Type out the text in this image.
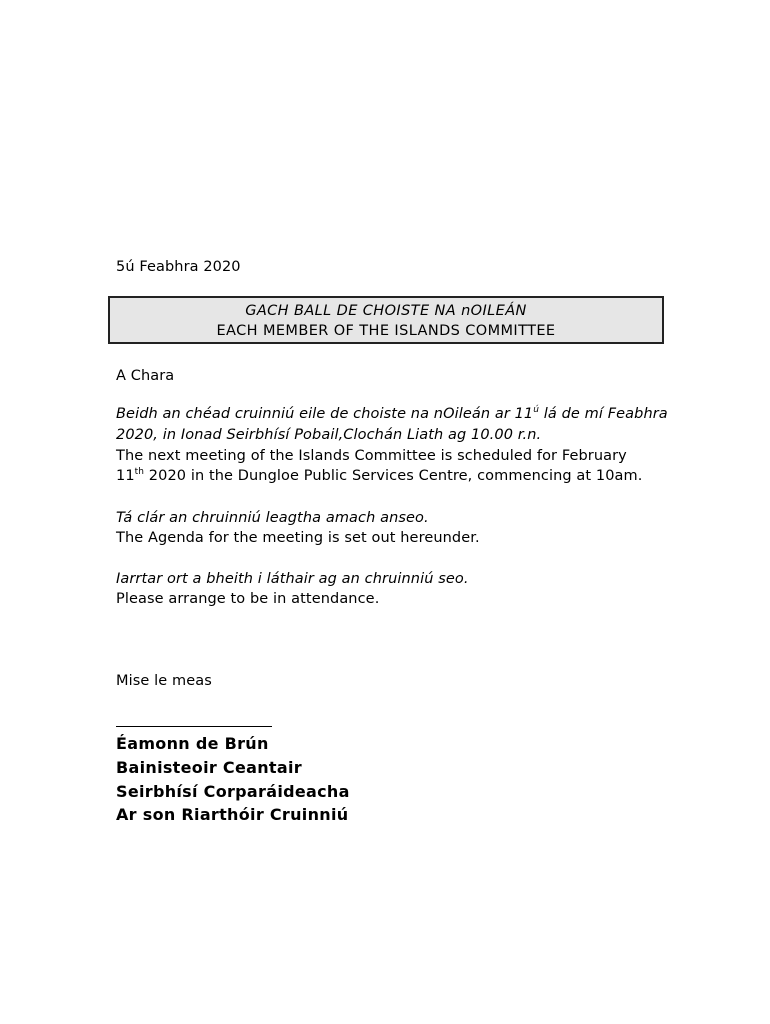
5ú Feabhra 2020
GACH BALL DE CHOISTE NA nOILEÁN
EACH MEMBER OF THE ISLANDS COMMITTEE
A Chara
Beidh an chéad cruinniú eile de choiste na nOileán ar $11^ú$ lá de mí Feabhra
2020, in Ionad Seirbhísí Pobail,Clochán Liath ag 10.00 r.n.
The next meeting of the Islands Committee is scheduled for February
11th 2020 in the Dungloe Public Services Centre, commencing at 10am.
Tá clár an chruinniú leagtha amach anseo.
The Agenda for the meeting is set out hereunder.
Iarrtar ort a bheith i láthair ag an chruinniú seo.
Please arrange to be in attendance.
Mise le meas
Éamonn de Brún
Bainisteoir Ceantair
Seirbhísí Corparáideacha
Ar son Riarthóir Cruinniú
